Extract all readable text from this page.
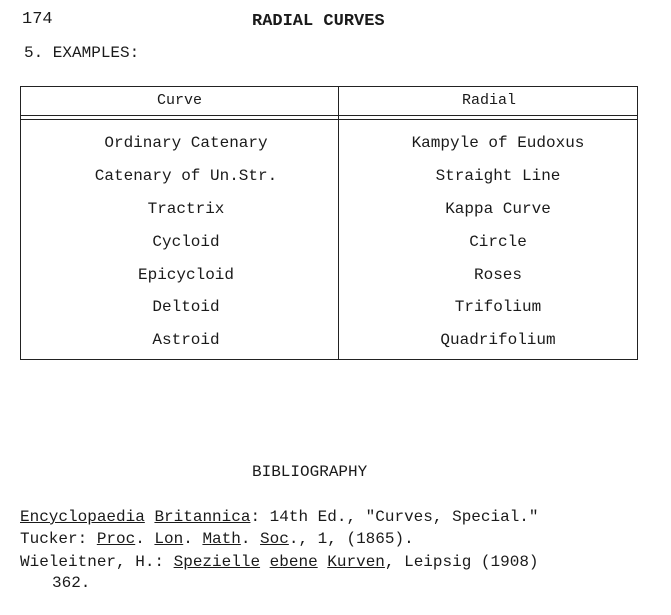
174	RADIAL CURVES
5. EXAMPLES:
Curve	Radial
Ordinary Catenary	Kampyle of Eudoxus
Catenary of Un.Str.	Straight Line
Tractrix	Kappa Curve
Cycloid	Circle
Epicycloid	Roses
Deltoid	Trifolium
Astroid	Quadrifolium
BIBLIOGRAPHY
Encyclopaedia Britannica: 14th Ed., "Curves, Special."
Tucker: Proc. Lon. Math. Soc., 1, (1865).
Wieleitner, H.: Spezielle ebene Kurven, Leipsig (1908)
362.
